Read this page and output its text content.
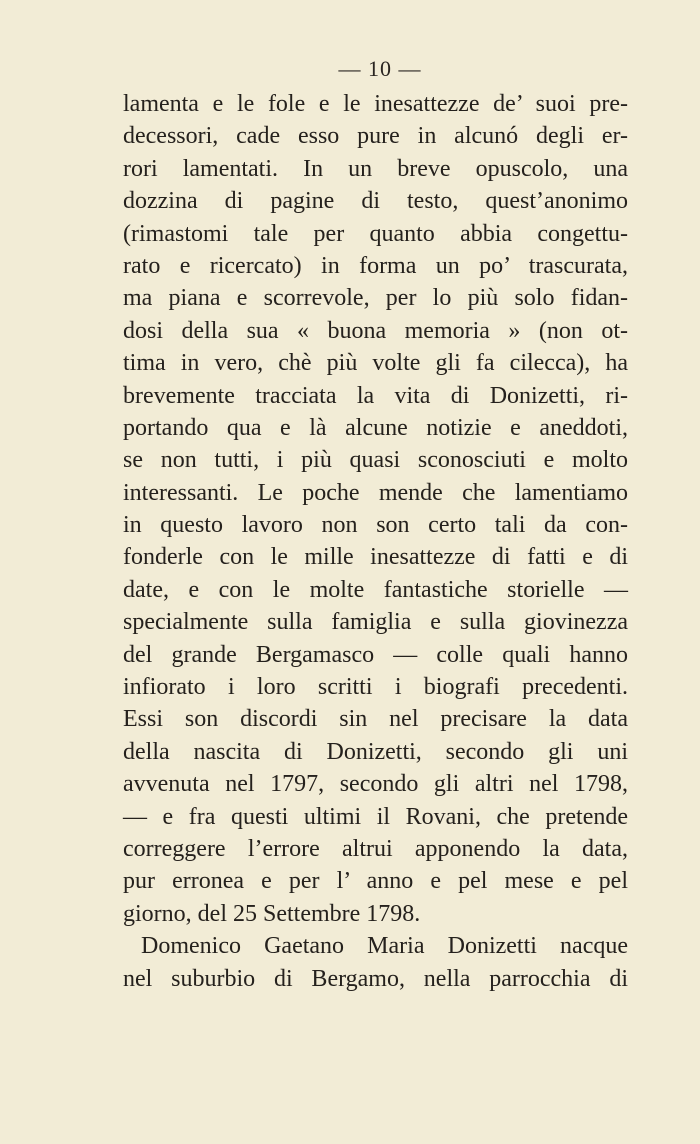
— 10 —
lamenta e le fole e le inesattezze de’ suoi pre-
decessori, cade esso pure in alcunó degli er-
rori lamentati. In un breve opuscolo, una
dozzina di pagine di testo, quest’anonimo
(rimastomi tale per quanto abbia congettu-
rato e ricercato) in forma un po’ trascurata,
ma piana e scorrevole, per lo più solo fidan-
dosi della sua « buona memoria » (non ot-
tima in vero, chè più volte gli fa cilecca), ha
brevemente tracciata la vita di Donizetti, ri-
portando qua e là alcune notizie e aneddoti,
se non tutti, i più quasi sconosciuti e molto
interessanti. Le poche mende che lamentiamo
in questo lavoro non son certo tali da con-
fonderle con le mille inesattezze di fatti e di
date, e con le molte fantastiche storielle —
specialmente sulla famiglia e sulla giovinezza
del grande Bergamasco — colle quali hanno
infiorato i loro scritti i biografi precedenti.
Essi son discordi sin nel precisare la data
della nascita di Donizetti, secondo gli uni
avvenuta nel 1797, secondo gli altri nel 1798,
— e fra questi ultimi il Rovani, che pretende
correggere l’errore altrui apponendo la data,
pur erronea e per l’ anno e pel mese e pel
giorno, del 25 Settembre 1798.
Domenico Gaetano Maria Donizetti nacque
nel suburbio di Bergamo, nella parrocchia di
